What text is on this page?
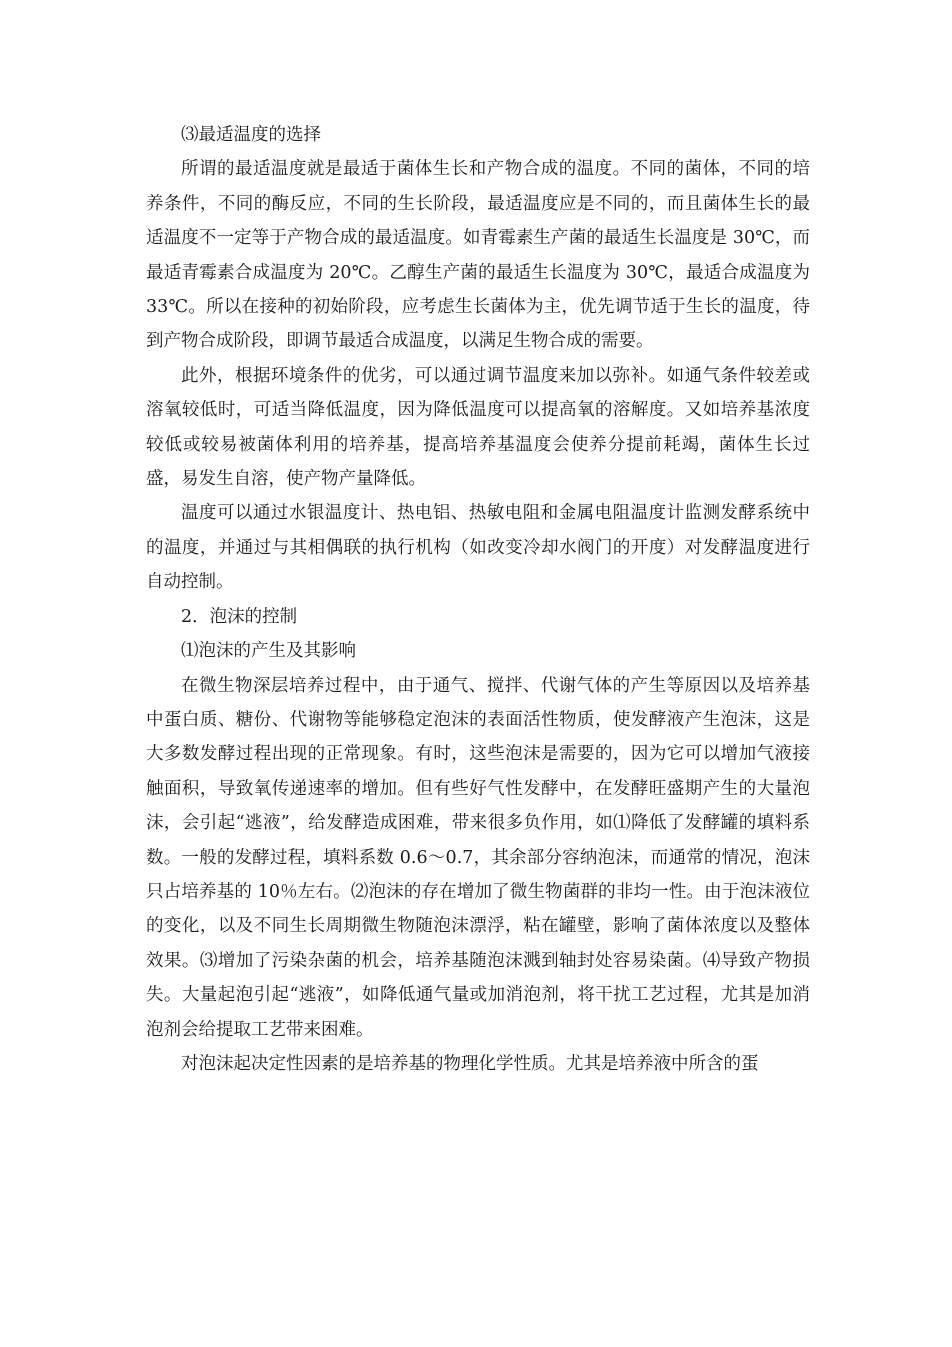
⑶最适温度的选择

所谓的最适温度就是最适于菌体生长和产物合成的温度。不同的菌体，不同的培养条件，不同的酶反应，不同的生长阶段，最适温度应是不同的，而且菌体生长的最适温度不一定等于产物合成的最适温度。如青霉素生产菌的最适生长温度是 30℃，而最适青霉素合成温度为 20℃。乙醇生产菌的最适生长温度为 30℃，最适合成温度为 33℃。所以在接种的初始阶段，应考虑生长菌体为主，优先调节适于生长的温度，待到产物合成阶段，即调节最适合成温度，以满足生物合成的需要。

此外，根据环境条件的优劣，可以通过调节温度来加以弥补。如通气条件较差或溶氧较低时，可适当降低温度，因为降低温度可以提高氧的溶解度。又如培养基浓度较低或较易被菌体利用的培养基，提高培养基温度会使养分提前耗竭，菌体生长过盛，易发生自溶，使产物产量降低。

温度可以通过水银温度计、热电铝、热敏电阻和金属电阻温度计监测发酵系统中的温度，并通过与其相偶联的执行机构（如改变冷却水阀门的开度）对发酵温度进行自动控制。

2．泡沫的控制

⑴泡沫的产生及其影响

在微生物深层培养过程中，由于通气、搅拌、代谢气体的产生等原因以及培养基中蛋白质、糖份、代谢物等能够稳定泡沫的表面活性物质，使发酵液产生泡沫，这是大多数发酵过程出现的正常现象。有时，这些泡沫是需要的，因为它可以增加气液接触面积，导致氧传递速率的增加。但有些好气性发酵中，在发酵旺盛期产生的大量泡沫，会引起“逃液”，给发酵造成困难，带来很多负作用，如⑴降低了发酵罐的填料系数。一般的发酵过程，填料系数 0.6～0.7，其余部分容纳泡沫，而通常的情况，泡沫只占培养基的 10％左右。⑵泡沫的存在增加了微生物菌群的非均一性。由于泡沫液位的变化，以及不同生长周期微生物随泡沫漂浮，粘在罐壁，影响了菌体浓度以及整体效果。⑶增加了污染杂菌的机会，培养基随泡沫溅到轴封处容易染菌。⑷导致产物损失。大量起泡引起“逃液”，如降低通气量或加消泡剂，将干扰工艺过程，尤其是加消泡剂会给提取工艺带来困难。

对泡沫起决定性因素的是培养基的物理化学性质。尤其是培养液中所含的蛋
